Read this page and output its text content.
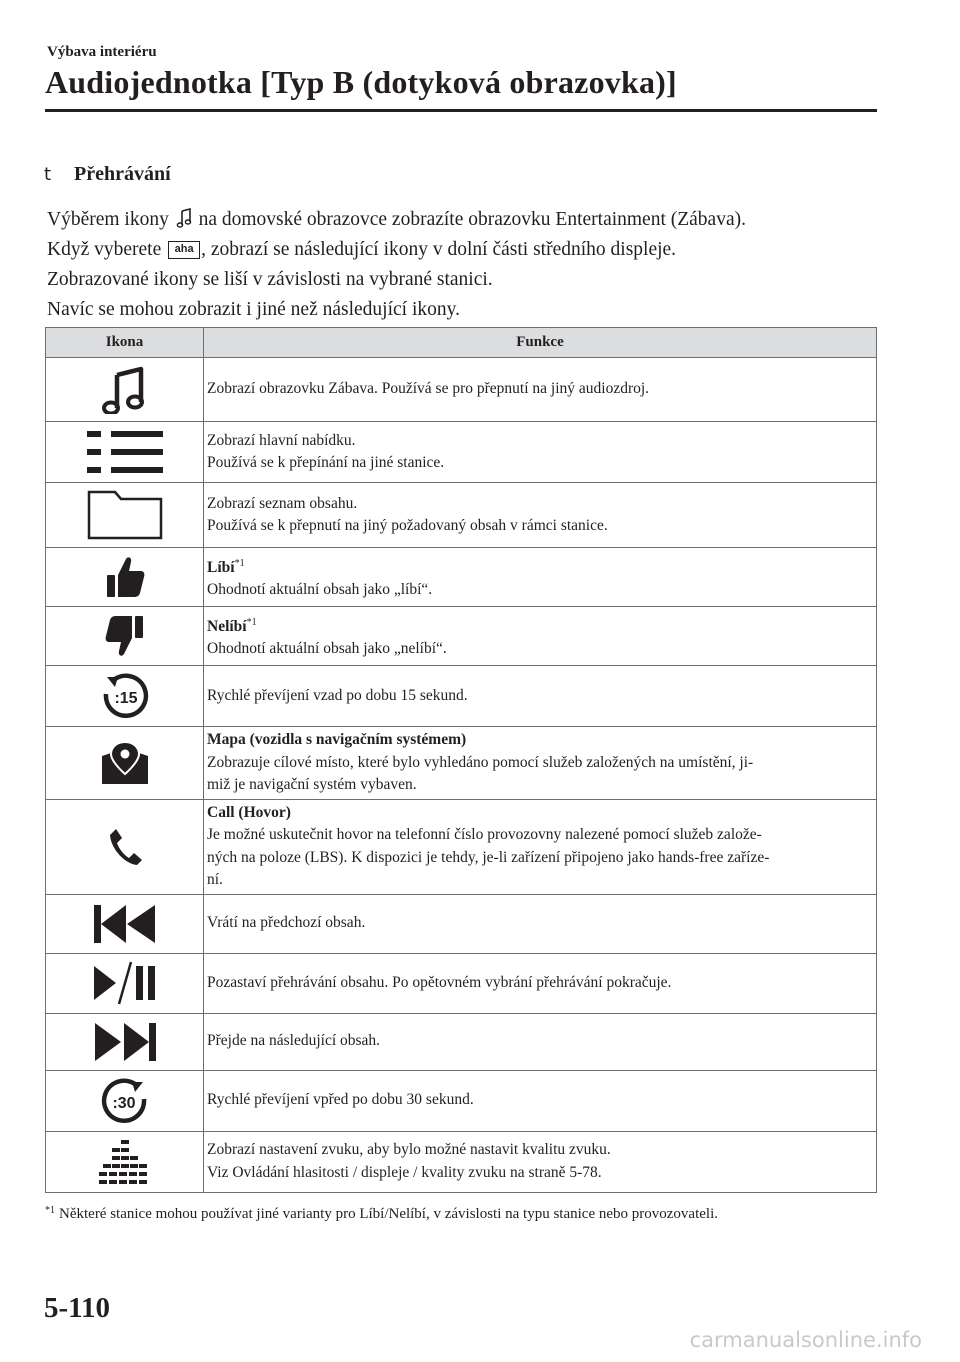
Výbava interiéru
Audiojednotka [Typ B (dotyková obrazovka)]
t	Přehrávání

Výběrem ikony  na domovské obrazovce zobrazíte obrazovku Entertainment (Zábava).

Když vyberete aha , zobrazí se následující ikony v dolní části středního displeje.

Zobrazované ikony se liší v závislosti na vybrané stanici.

Navíc se mohou zobrazit i jiné než následující ikony.

Ikona	Funkce

Zobrazí obrazovku Zábava. Používá se pro přepnutí na jiný audiozdroj.

Zobrazí hlavní nabídku.
Používá se k přepínání na jiné stanice.

Zobrazí seznam obsahu.
Používá se k přepnutí na jiný požadovaný obsah v rámci stanice.

Líbí$^{*1}$
Ohodnotí aktuální obsah jako „líbí“.

Nelíbí$^{*1}$
Ohodnotí aktuální obsah jako „nelíbí“.

:15	Rychlé převíjení vzad po dobu 15 sekund.

Mapa (vozidla s navigačním systémem)
Zobrazuje cílové místo, které bylo vyhledáno pomocí služeb založených na umístění, ji-
miž je navigační systém vybaven.

Call (Hovor)
Je možné uskutečnit hovor na telefonní číslo provozovny nalezené pomocí služeb založe-
ných na poloze (LBS). K dispozici je tehdy, je-li zařízení připojeno jako hands-free zaříze-
ní.

Vrátí na předchozí obsah.

Pozastaví přehrávání obsahu. Po opětovném vybrání přehrávání pokračuje.

Přejde na následující obsah.

:30	Rychlé převíjení vpřed po dobu 30 sekund.

Zobrazí nastavení zvuku, aby bylo možné nastavit kvalitu zvuku.
Viz Ovládání hlasitosti / displeje / kvality zvuku na straně 5-78.
$^{*1}$ Některé stanice mohou používat jiné varianty pro Líbí/Nelíbí, v závislosti na typu stanice nebo provozovateli.
5-110
carmanualsonline.info
